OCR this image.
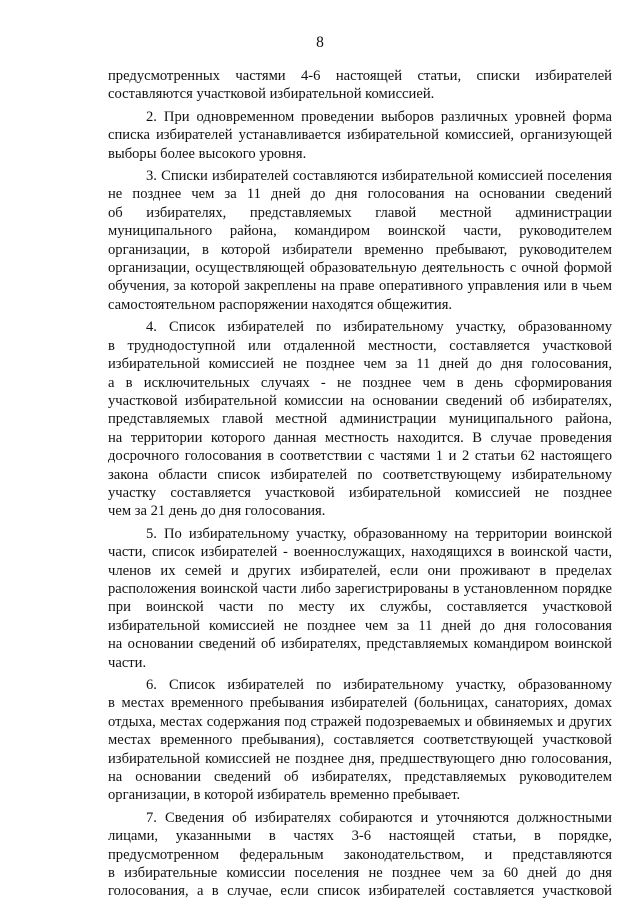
8
предусмотренных частями 4-6 настоящей статьи, списки избирателей
составляются участковой избирательной комиссией.
2. При одновременном проведении выборов различных уровней форма
списка избирателей устанавливается избирательной комиссией, организующей
выборы более высокого уровня.
3. Списки избирателей составляются избирательной комиссией поселения
не позднее чем за 11 дней до дня голосования на основании сведений
об избирателях, представляемых главой местной администрации
муниципального района, командиром воинской части, руководителем
организации, в которой избиратели временно пребывают, руководителем
организации, осуществляющей образовательную деятельность с очной формой
обучения, за которой закреплены на праве оперативного управления или в чьем
самостоятельном распоряжении находятся общежития.
4. Список избирателей по избирательному участку, образованному
в труднодоступной или отдаленной местности, составляется участковой
избирательной комиссией не позднее чем за 11 дней до дня голосования,
а в исключительных случаях - не позднее чем в день сформирования
участковой избирательной комиссии на основании сведений об избирателях,
представляемых главой местной администрации муниципального района,
на территории которого данная местность находится. В случае проведения
досрочного голосования в соответствии с частями 1 и 2 статьи 62 настоящего
закона области список избирателей по соответствующему избирательному
участку составляется участковой избирательной комиссией не позднее
чем за 21 день до дня голосования.
5. По избирательному участку, образованному на территории воинской
части, список избирателей - военнослужащих, находящихся в воинской части,
членов их семей и других избирателей, если они проживают в пределах
расположения воинской части либо зарегистрированы в установленном порядке
при воинской части по месту их службы, составляется участковой
избирательной комиссией не позднее чем за 11 дней до дня голосования
на основании сведений об избирателях, представляемых командиром воинской
части.
6. Список избирателей по избирательному участку, образованному
в местах временного пребывания избирателей (больницах, санаториях, домах
отдыха, местах содержания под стражей подозреваемых и обвиняемых и других
местах временного пребывания), составляется соответствующей участковой
избирательной комиссией не позднее дня, предшествующего дню голосования,
на основании сведений об избирателях, представляемых руководителем
организации, в которой избиратель временно пребывает.
7. Сведения об избирателях собираются и уточняются должностными
лицами, указанными в частях 3-6 настоящей статьи, в порядке,
предусмотренном федеральным законодательством, и представляются
в избирательные комиссии поселения не позднее чем за 60 дней до дня
голосования, а в случае, если список избирателей составляется участковой
